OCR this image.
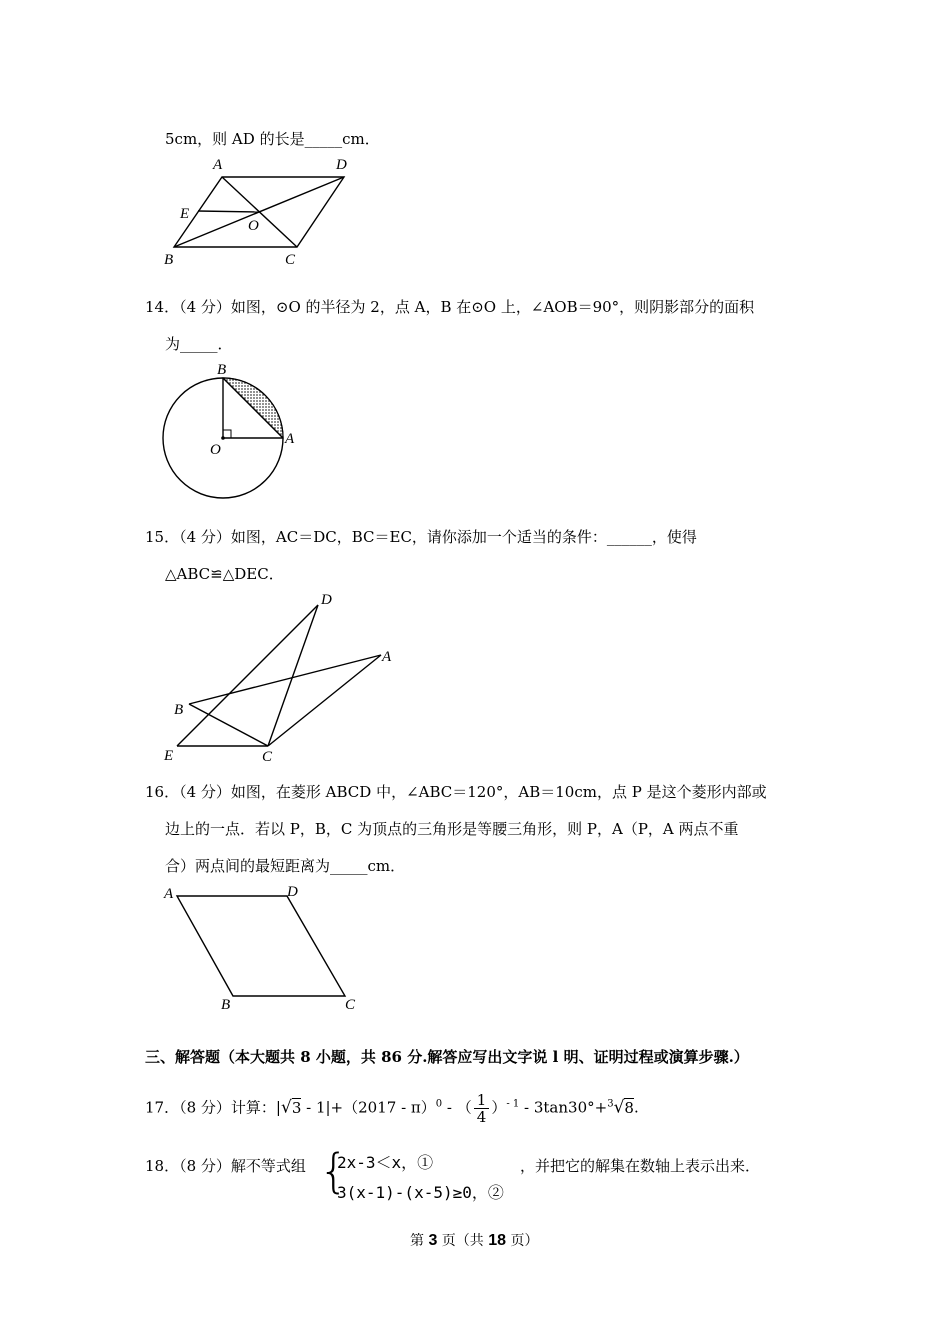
5cm，则 AD 的长是_____cm．
A	D
E
O
B	C
14．（4 分）如图，⊙O 的半径为 2，点 A，B 在⊙O 上，∠AOB＝90°，则阴影部分的面积
为_____．
B
O
A
15．（4 分）如图，AC＝DC，BC＝EC，请你添加一个适当的条件：______，使得
△ABC≌△DEC．
D
A
B
E	C
16．（4 分）如图，在菱形 ABCD 中，∠ABC＝120°，AB＝10cm，点 P 是这个菱形内部或
边上的一点．若以 P，B，C 为顶点的三角形是等腰三角形，则 P，A（P，A 两点不重
合）两点间的最短距离为_____cm．
A	D
B	C
三、解答题（本大题共 8 小题，共 86 分.解答应写出文字说 l 明、证明过程或演算步骤.）
17．（8 分）计算：|√3 - 1|+（2017 - π）$^0$ - （ $\frac{1}{4} )^{- 1} - 3\tan 30^\circ+^3√8$.
18．（8 分）解不等式组 {
2x-3＜x，①
3(x-1)-(x-5)≥0，②
，并把它的解集在数轴上表示出来．
第 3 页（共 18 页）
